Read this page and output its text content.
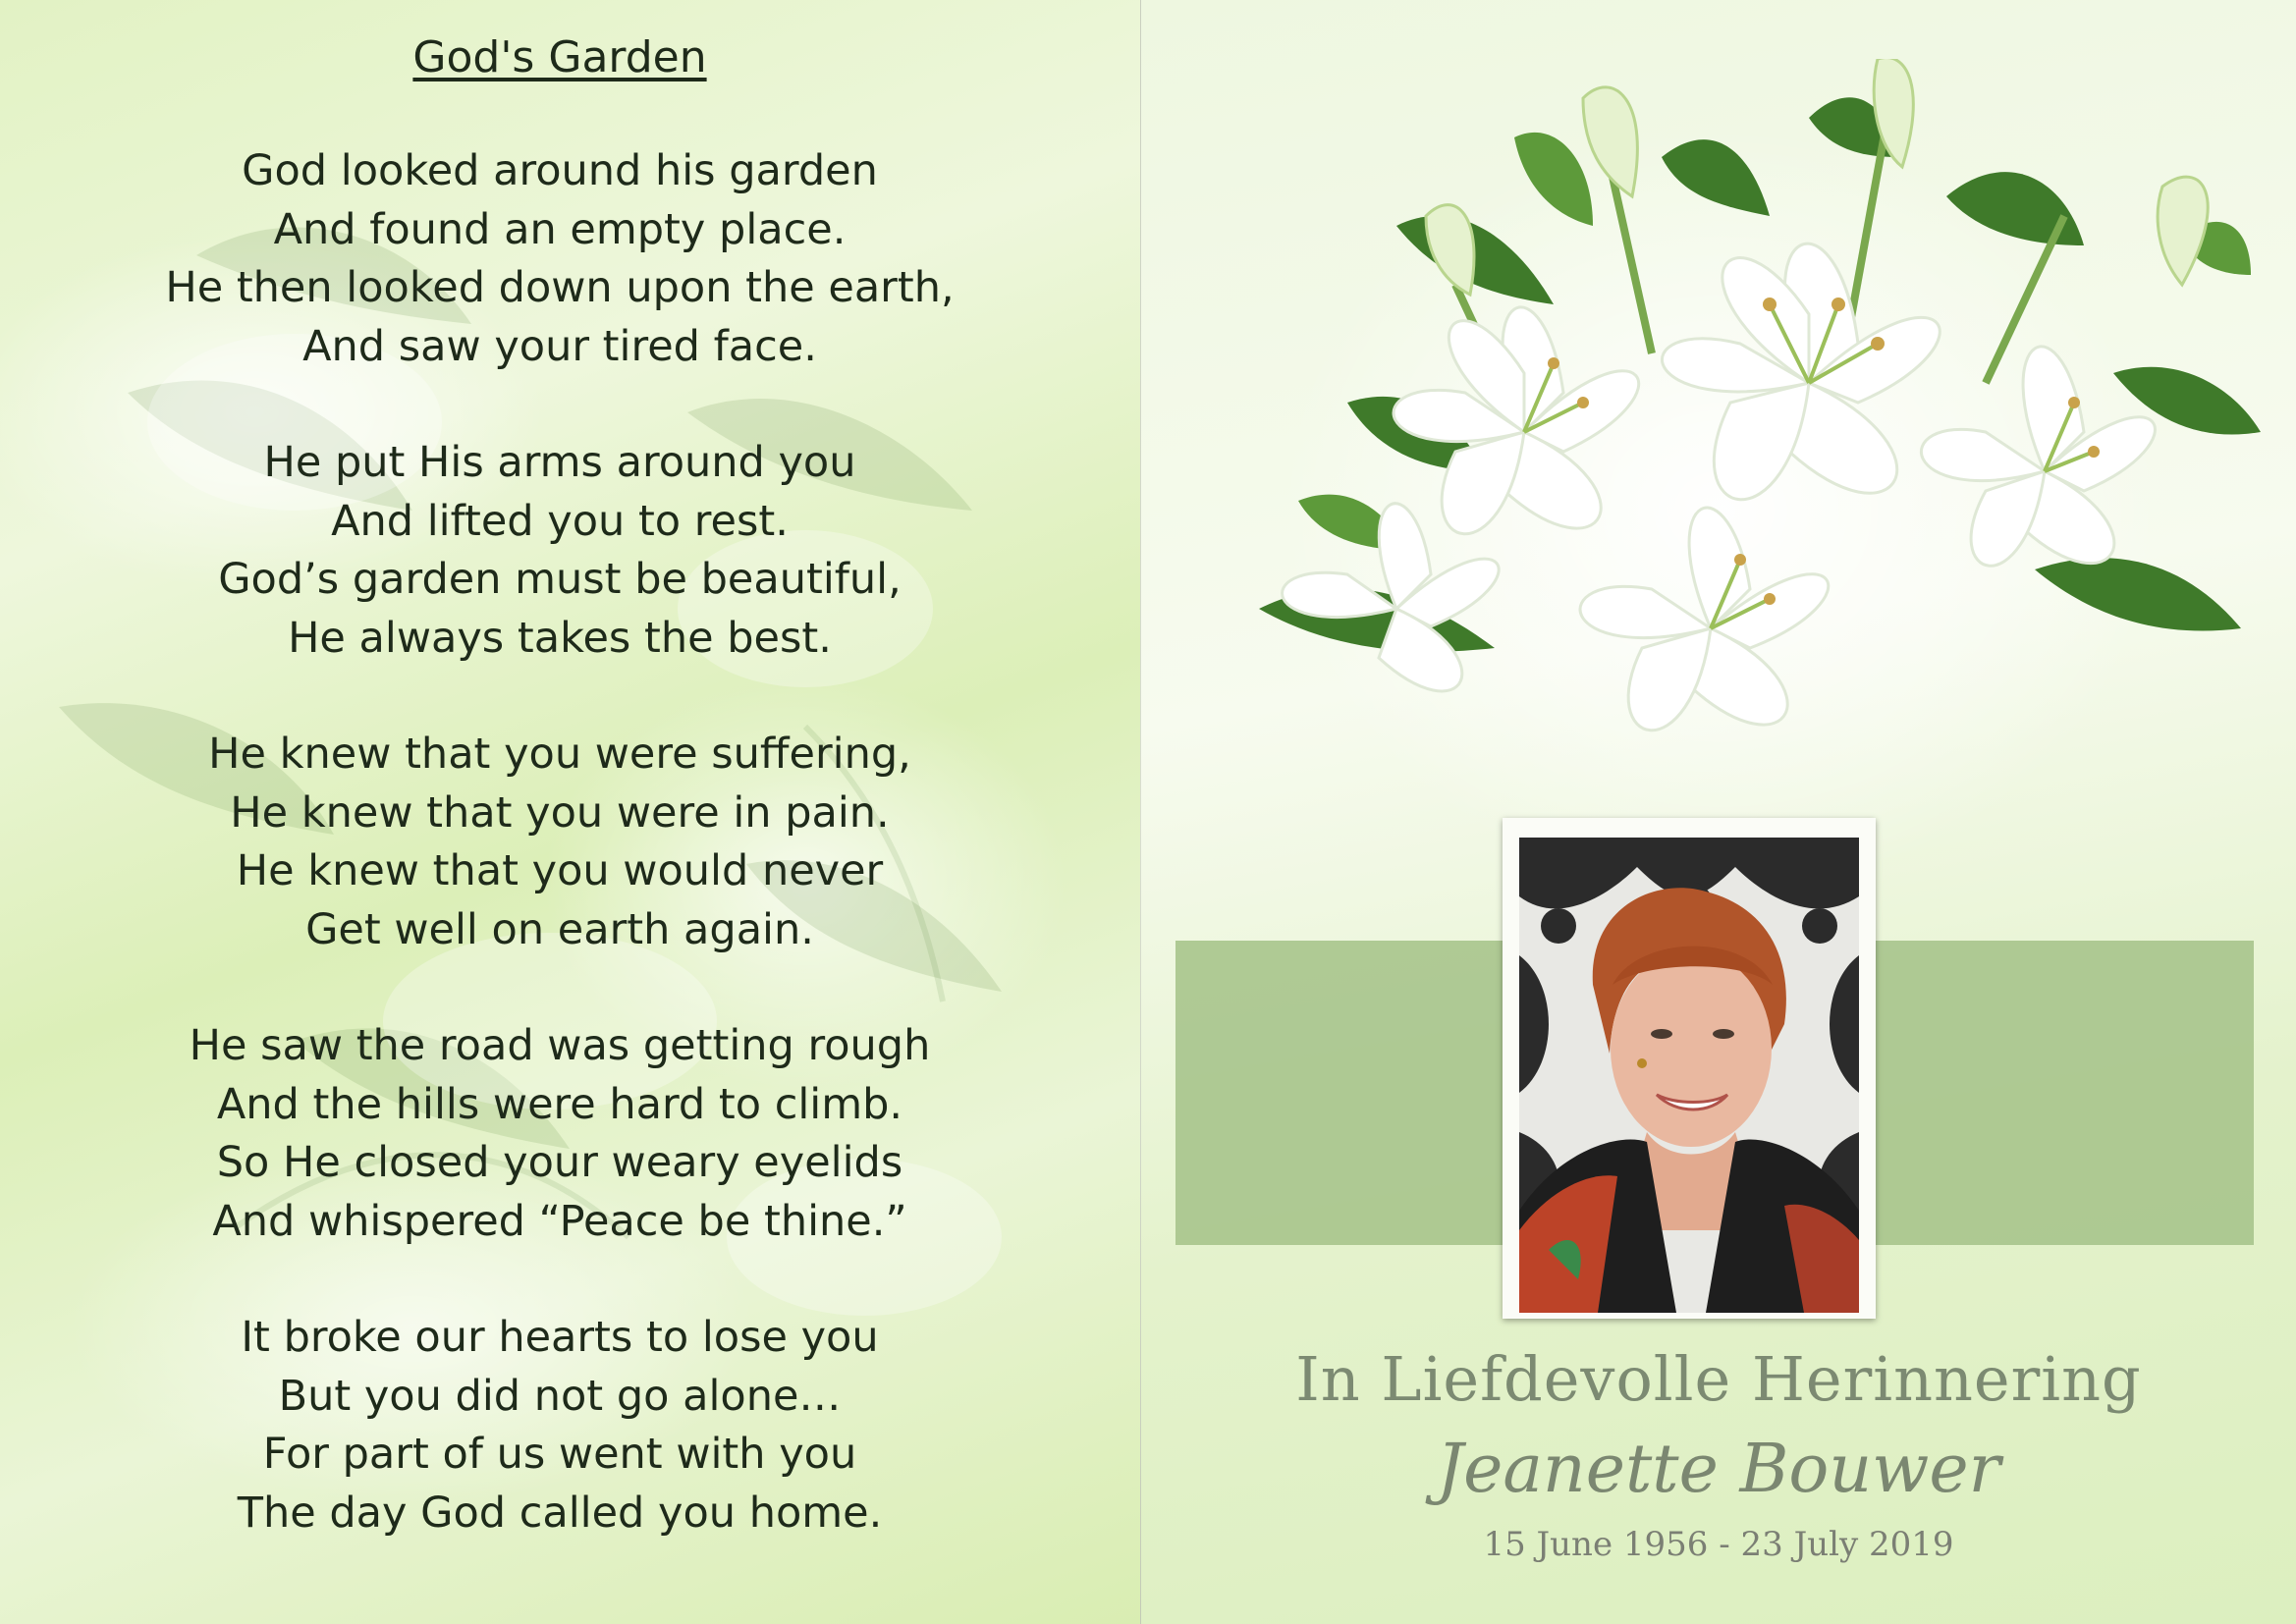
God's Garden
God looked around his garden
And found an empty place.
He then looked down upon the earth,
And saw your tired face.
He put His arms around you
And lifted you to rest.
God’s garden must be beautiful,
He always takes the best.
He knew that you were suffering,
He knew that you were in pain.
He knew that you would never
Get well on earth again.
He saw the road was getting rough
And the hills were hard to climb.
So He closed your weary eyelids
And whispered “Peace be thine.”
It broke our hearts to lose you
But you did not go alone…
For part of us went with you
The day God called you home.
In Liefdevolle Herinnering
Jeanette Bouwer
15 June 1956 - 23 July 2019
